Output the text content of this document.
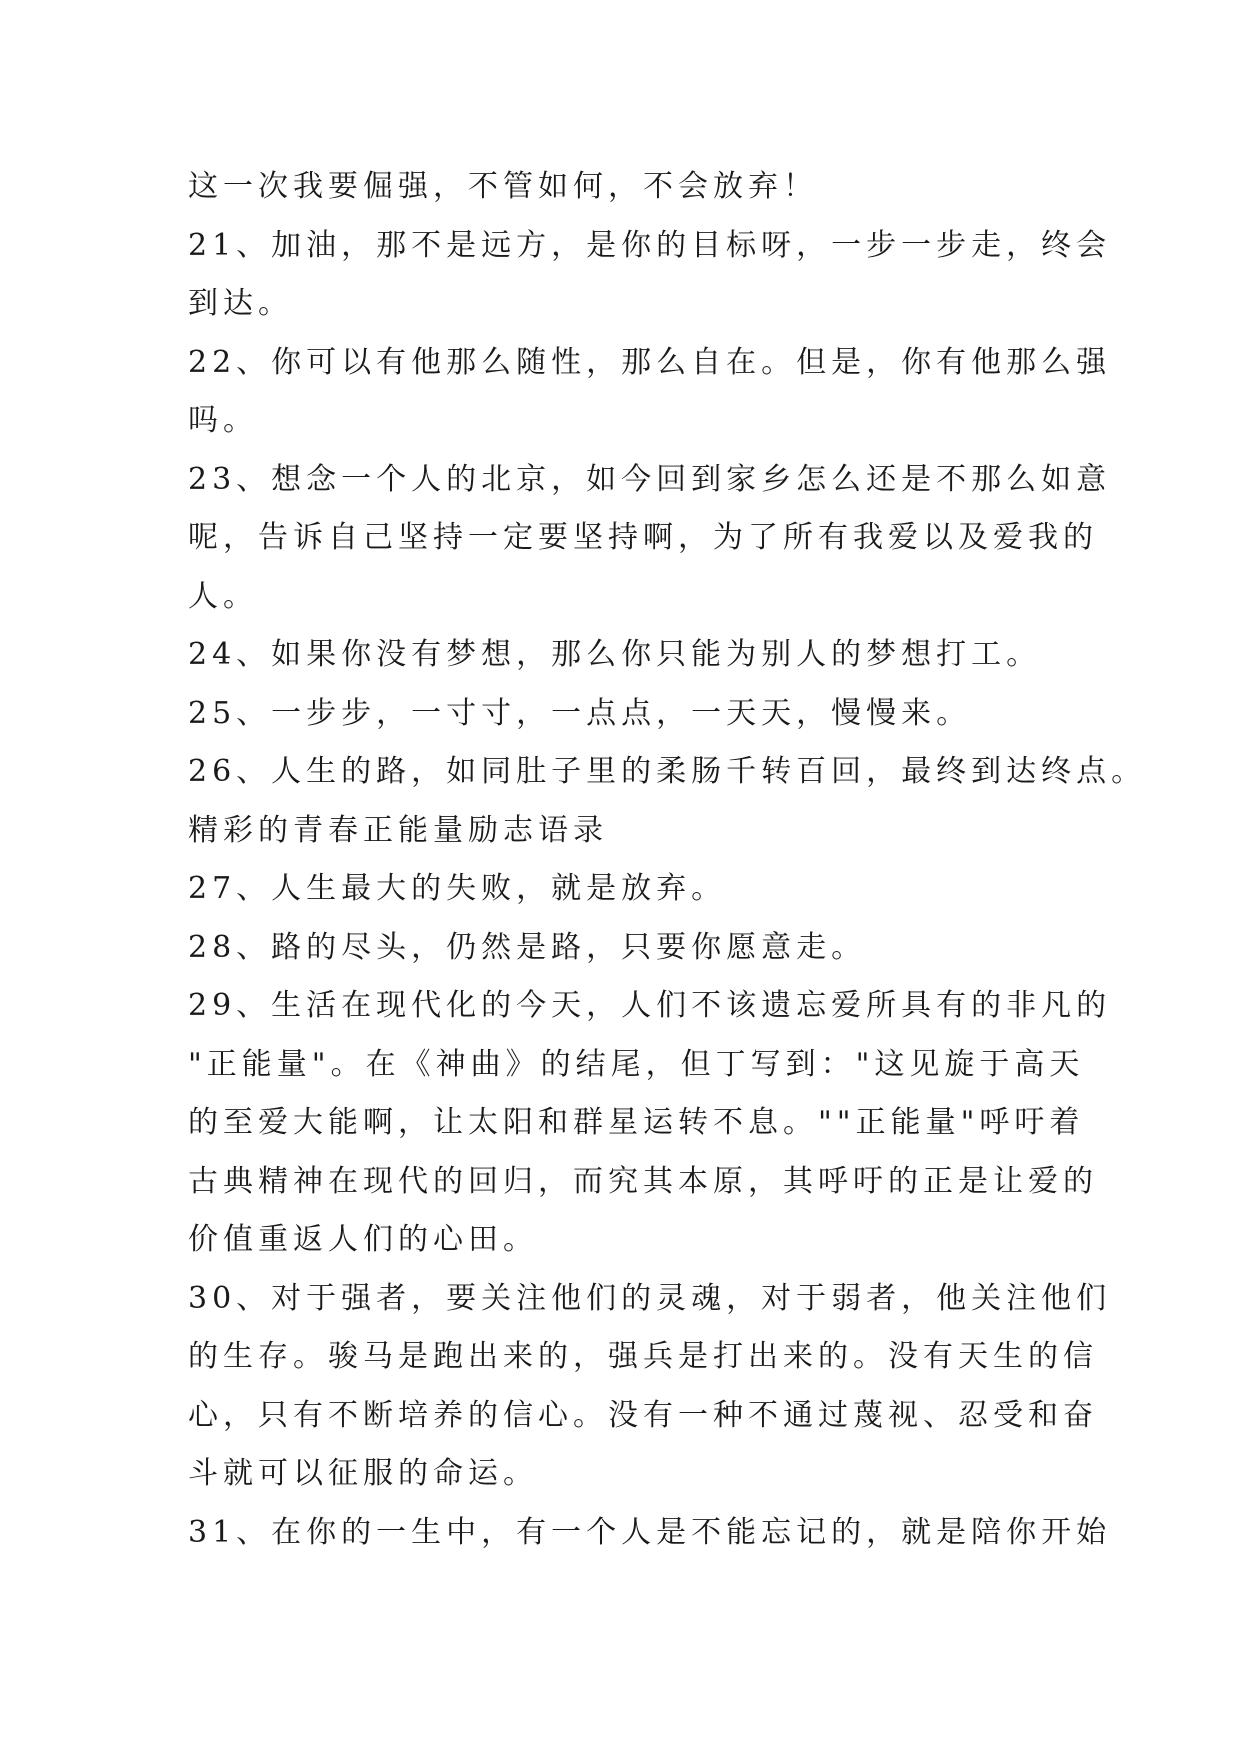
这一次我要倔强，不管如何，不会放弃！
21、加油，那不是远方，是你的目标呀，一步一步走，终会
到达。
22、你可以有他那么随性，那么自在。但是，你有他那么强
吗。
23、想念一个人的北京，如今回到家乡怎么还是不那么如意
呢，告诉自己坚持一定要坚持啊，为了所有我爱以及爱我的
人。
24、如果你没有梦想，那么你只能为别人的梦想打工。
25、一步步，一寸寸，一点点，一天天，慢慢来。
26、人生的路，如同肚子里的柔肠千转百回，最终到达终点。
精彩的青春正能量励志语录
27、人生最大的失败，就是放弃。
28、路的尽头，仍然是路，只要你愿意走。
29、生活在现代化的今天，人们不该遗忘爱所具有的非凡的
"正能量"。在《神曲》的结尾，但丁写到："这见旋于高天
的至爱大能啊，让太阳和群星运转不息。""正能量"呼吁着
古典精神在现代的回归，而究其本原，其呼吁的正是让爱的
价值重返人们的心田。
30、对于强者，要关注他们的灵魂，对于弱者，他关注他们
的生存。骏马是跑出来的，强兵是打出来的。没有天生的信
心，只有不断培养的信心。没有一种不通过蔑视、忍受和奋
斗就可以征服的命运。
31、在你的一生中，有一个人是不能忘记的，就是陪你开始
